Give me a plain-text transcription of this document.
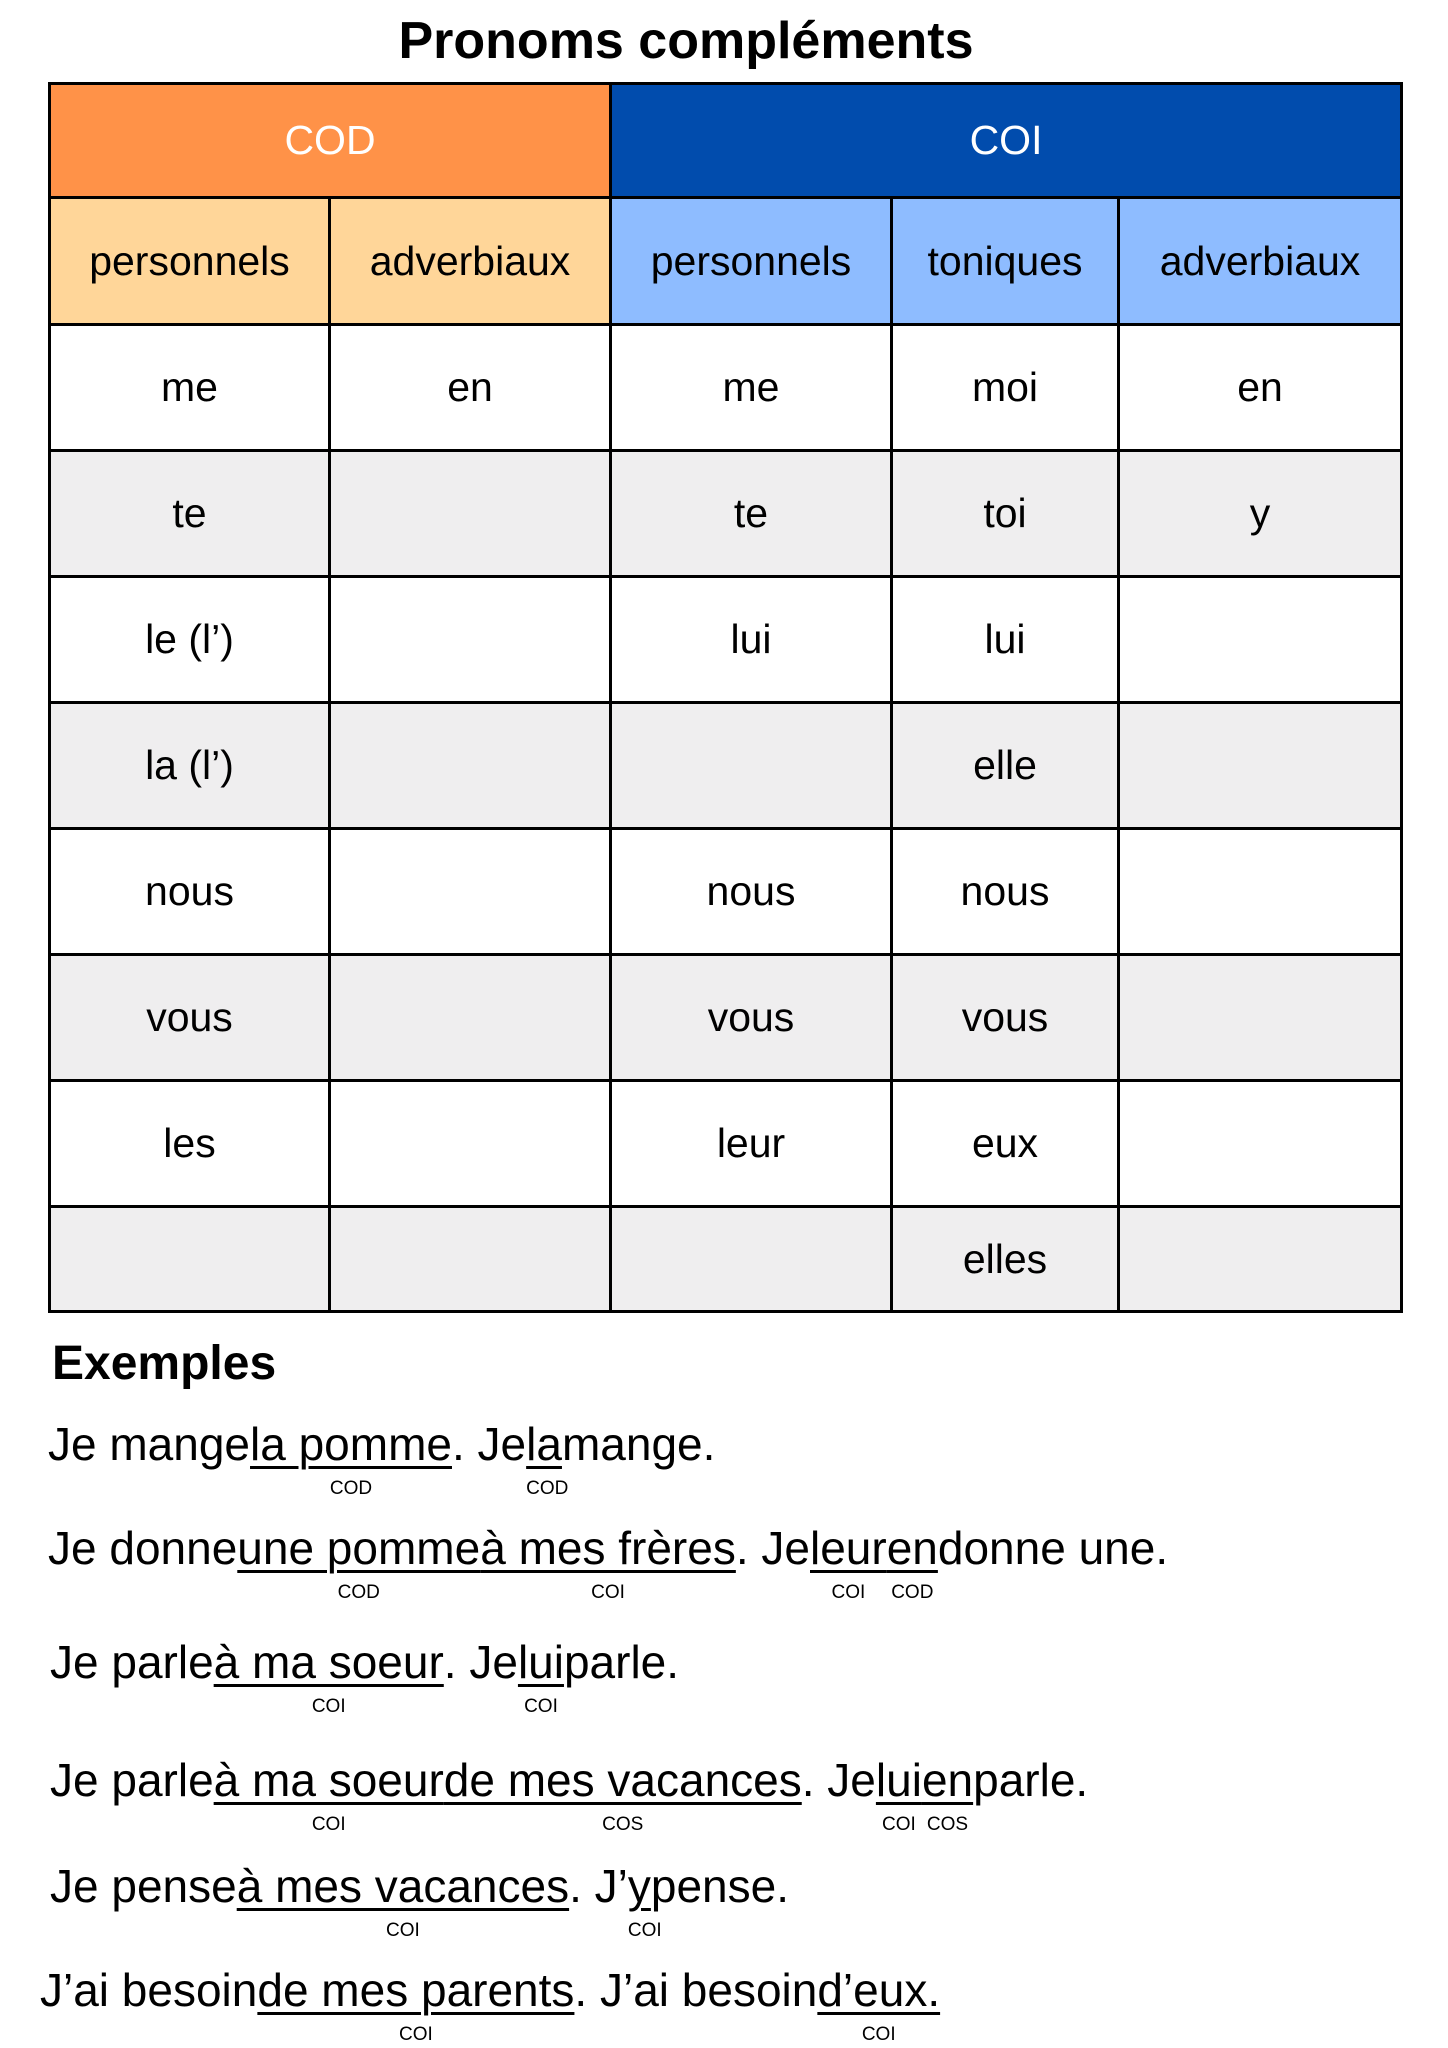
Pronoms compléments
COD		COI		
personnels	adverbiaux	personnels	toniques	adverbiaux
me	en	me	moi	en
te		te	toi	y
le (l’)		lui	lui	
la (l’)			elle	
nous		nous	nous	
vous		vous	vous	
les		leur	eux	
			elles	
Exemples
Je mangela pomme
COD
. Jela
COD
mange.
Je donneune pomme
COD
à mes frères
COI
. Jeleur
COI
en
COD
donne une.
Je parleà ma soeur
COI
. Jelui
COI
parle.
Je parleà ma soeur
COI
de mes vacances
COS
. Jelui
COI
en
COS
parle.
Je penseà mes vacances
COI
. J’y
COI
pense.
J’ai besoinde mes parents
COI
. J’ai besoind’eux.
COI
